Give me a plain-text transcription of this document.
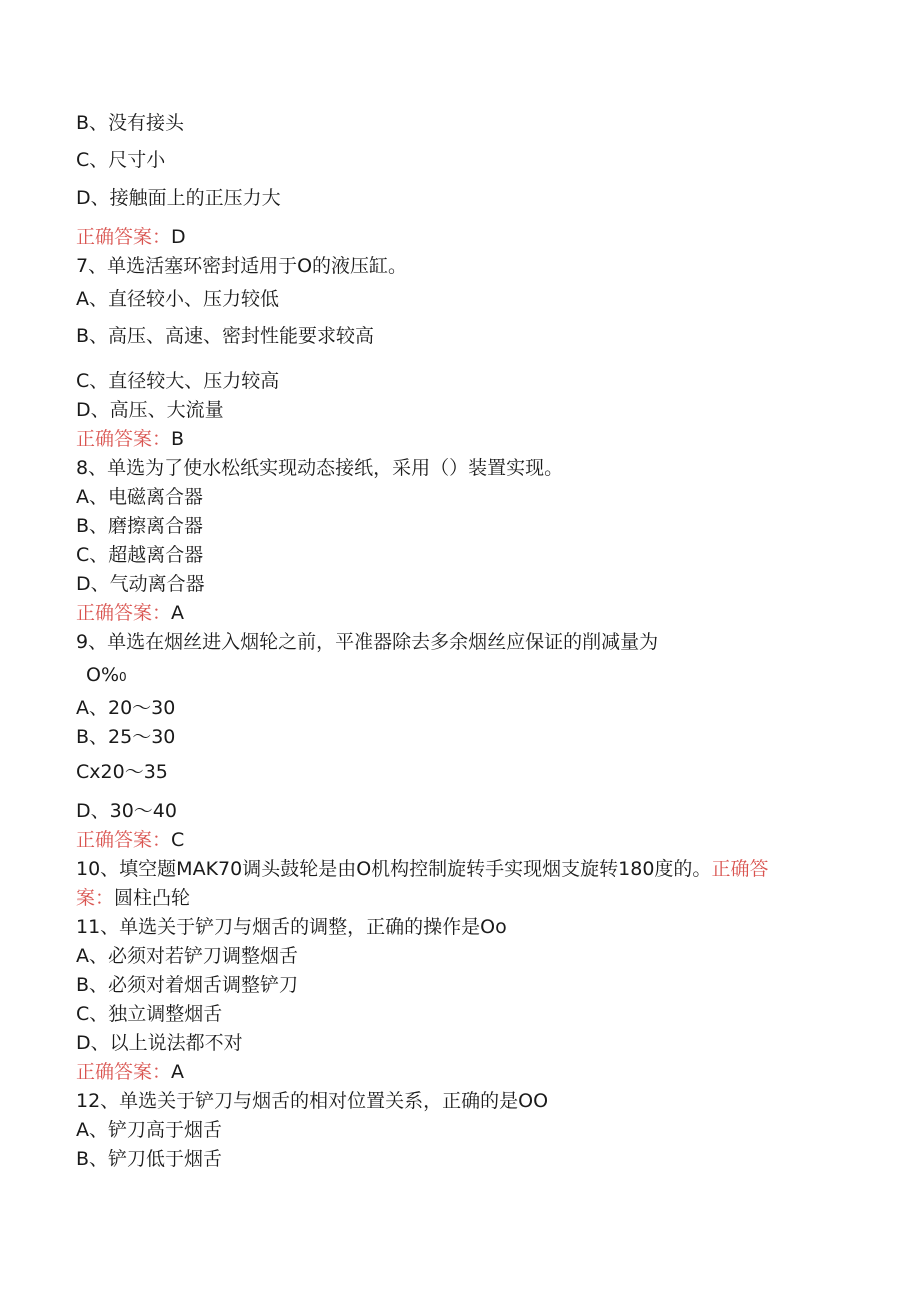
B、没有接头
C、尺寸小
D、接触面上的正压力大
正确答案：D
7、单选活塞环密封适用于O的液压缸。
A、直径较小、压力较低
B、高压、高速、密封性能要求较高
C、直径较大、压力较高
D、高压、大流量
正确答案：B
8、单选为了使水松纸实现动态接纸，采用（）装置实现。
A、电磁离合器
B、磨擦离合器
C、超越离合器
D、气动离合器
正确答案：A
9、单选在烟丝进入烟轮之前，平准器除去多余烟丝应保证的削减量为
O%0
A、20～30
B、25～30
Cx20～35
D、30～40
正确答案：C
10、填空题MAK70调头鼓轮是由O机构控制旋转手实现烟支旋转180度的。正确答
案：圆柱凸轮
11、单选关于铲刀与烟舌的调整，正确的操作是Oo
A、必须对若铲刀调整烟舌
B、必须对着烟舌调整铲刀
C、独立调整烟舌
D、以上说法都不对
正确答案：A
12、单选关于铲刀与烟舌的相对位置关系，正确的是OO
A、铲刀高于烟舌
B、铲刀低于烟舌
